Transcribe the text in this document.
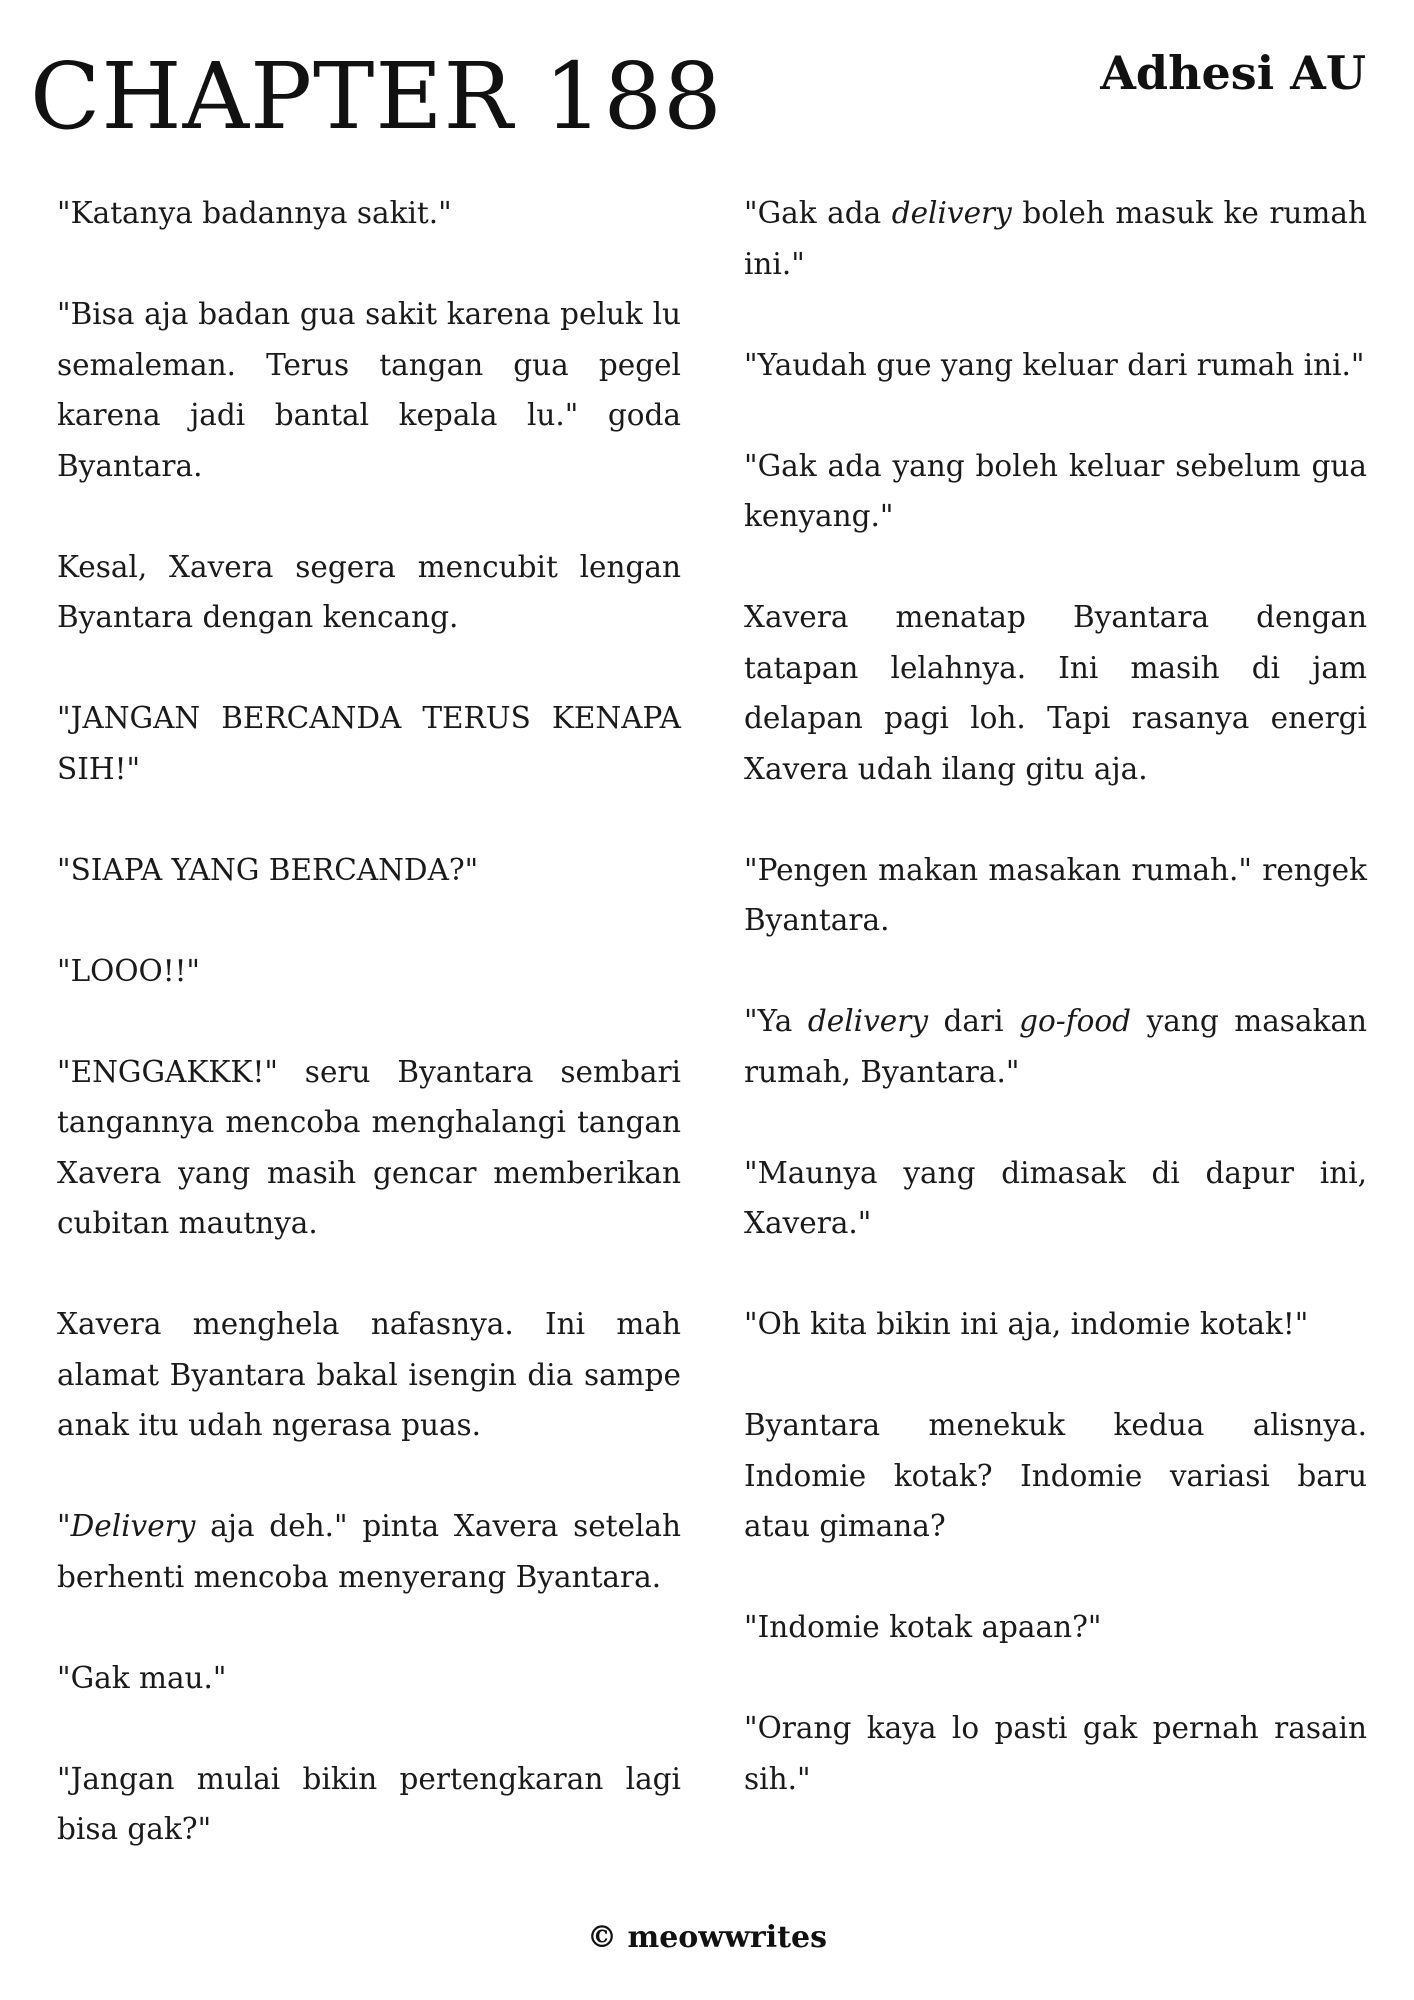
CHAPTER 188	Adhesi AU

"Katanya badannya sakit."

"Bisa aja badan gua sakit karena peluk lu semaleman. Terus tangan gua pegel karena jadi bantal kepala lu." goda Byantara.

Kesal, Xavera segera mencubit lengan Byantara dengan kencang.

"JANGAN BERCANDA TERUS KENAPA SIH!"

"SIAPA YANG BERCANDA?"

"LOOO!!"

"ENGGAKKK!" seru Byantara sembari tangannya mencoba menghalangi tangan Xavera yang masih gencar memberikan cubitan mautnya.

Xavera menghela nafasnya. Ini mah alamat Byantara bakal isengin dia sampe anak itu udah ngerasa puas.

"Delivery aja deh." pinta Xavera setelah berhenti mencoba menyerang Byantara.

"Gak mau."

"Jangan mulai bikin pertengkaran lagi bisa gak?"

"Gak ada delivery boleh masuk ke rumah ini."

"Yaudah gue yang keluar dari rumah ini."

"Gak ada yang boleh keluar sebelum gua kenyang."

Xavera menatap Byantara dengan tatapan lelahnya. Ini masih di jam delapan pagi loh. Tapi rasanya energi Xavera udah ilang gitu aja.

"Pengen makan masakan rumah." rengek Byantara.

"Ya delivery dari go-food yang masakan rumah, Byantara."

"Maunya yang dimasak di dapur ini, Xavera."

"Oh kita bikin ini aja, indomie kotak!"

Byantara menekuk kedua alisnya. Indomie kotak? Indomie variasi baru atau gimana?

"Indomie kotak apaan?"

"Orang kaya lo pasti gak pernah rasain sih."

© meowwrites
